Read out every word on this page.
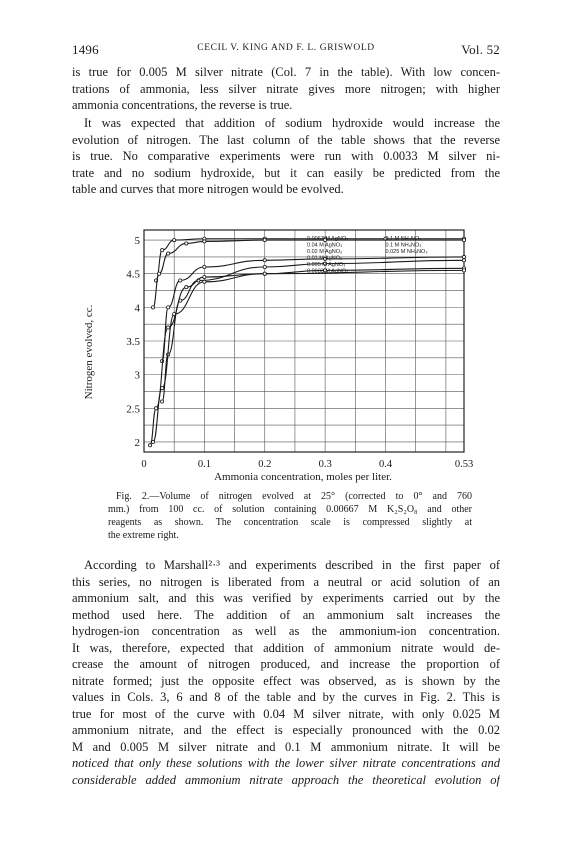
1496	CECIL V. KING AND F. L. GRISWOLD	Vol. 52
is true for 0.005 M silver nitrate (Col. 7 in the table). With low concen-
trations of ammonia, less silver nitrate gives more nitrogen; with higher
ammonia concentrations, the reverse is true.
It was expected that addition of sodium hydroxide would increase the
evolution of nitrogen. The last column of the table shows that the reverse
is true. No comparative experiments were run with 0.0033 M silver ni-
trate and no sodium hydroxide, but it can easily be predicted from the
table and curves that more nitrogen would be evolved.
0.0067 M AgNO₃
0.04 M AgNO₃
0.02 M AgNO₃
0.01 M AgNO₃
0.005 M AgNO₃
0.0033 M AgNO₃
0.1 M NH₄NO₃
0.1 M NH₄NO₃
0.025 M NH₄NO₃
2
2.5
3
3.5
4
4.5
5
0	0.1	0.2	0.3	0.4	0.53
Nitrogen evolved, cc.
Ammonia concentration, moles per liter.
Fig. 2.—Volume of nitrogen evolved at 25° (corrected to 0° and 760
mm.) from 100 cc. of solution containing 0.00667 M K₂S₂O₈ and other
reagents as shown. The concentration scale is compressed slightly at
the extreme right.
According to Marshall²·³ and experiments described in the first paper of
this series, no nitrogen is liberated from a neutral or acid solution of an
ammonium salt, and this was verified by experiments carried out by the
method used here. The addition of an ammonium salt increases the
hydrogen-ion concentration as well as the ammonium-ion concentration.
It was, therefore, expected that addition of ammonium nitrate would de-
crease the amount of nitrogen produced, and increase the proportion of
nitrate formed; just the opposite effect was observed, as is shown by the
values in Cols. 3, 6 and 8 of the table and by the curves in Fig. 2. This is
true for most of the curve with 0.04 M silver nitrate, with only 0.025 M
ammonium nitrate, and the effect is especially pronounced with the 0.02
M and 0.005 M silver nitrate and 0.1 M ammonium nitrate. It will be
noticed that only these solutions with the lower silver nitrate concentrations and
considerable added ammonium nitrate approach the theoretical evolution of
